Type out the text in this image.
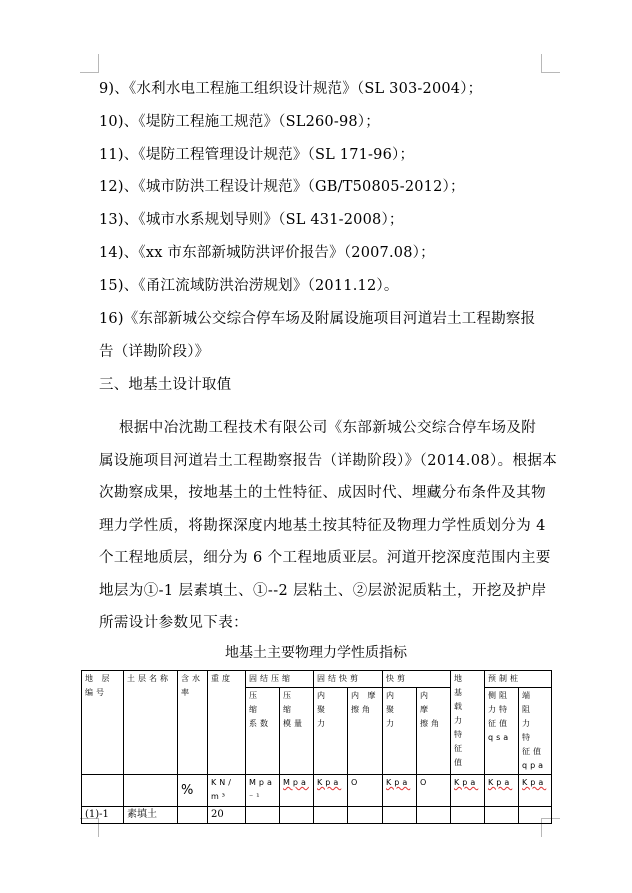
9)、《水利水电工程施工组织设计规范》（SL 303-2004）；
10)、《堤防工程施工规范》（SL260-98）；
11)、《堤防工程管理设计规范》（SL 171-96）；
12)、《城市防洪工程设计规范》（GB/T50805-2012）；
13)、《城市水系规划导则》（SL 431-2008）；
14)、《xx 市东部新城防洪评价报告》（2007.08）；
15)、《甬江流域防洪治涝规划》（2011.12）。
16)《东部新城公交综合停车场及附属设施项目河道岩土工程勘察报
告（详勘阶段）》
三、地基土设计取值
根据中冶沈勘工程技术有限公司《东部新城公交综合停车场及附
属设施项目河道岩土工程勘察报告（详勘阶段）》（2014.08）。根据本
次勘察成果，按地基土的土性特征、成因时代、埋藏分布条件及其物
理力学性质，将勘探深度内地基土按其特征及物理力学性质划分为 4
个工程地质层，细分为 6 个工程地质亚层。河道开挖深度范围内主要
地层为①-1 层素填土、①--2 层粘土、②层淤泥质粘土，开挖及护岸
所需设计参数见下表：
地基土主要物理力学性质指标
地 层编号	土层名称	含水率	重度	固结压缩		固结快剪		快剪		地 基 载 力 特 征 值	预制桩	
				压 缩 系数	压 缩 模量	内 聚 力	内 摩 擦角	内 聚 力	内 摩 擦角		侧阻 力特 征值 qsa	端 阻 力 特 征值 qpa
		%	KN/m³	Mpa⁻¹	Mpa	Kpa	O	Kpa	O	Kpa	Kpa	Kpa
(1)-1	素填土		20									
